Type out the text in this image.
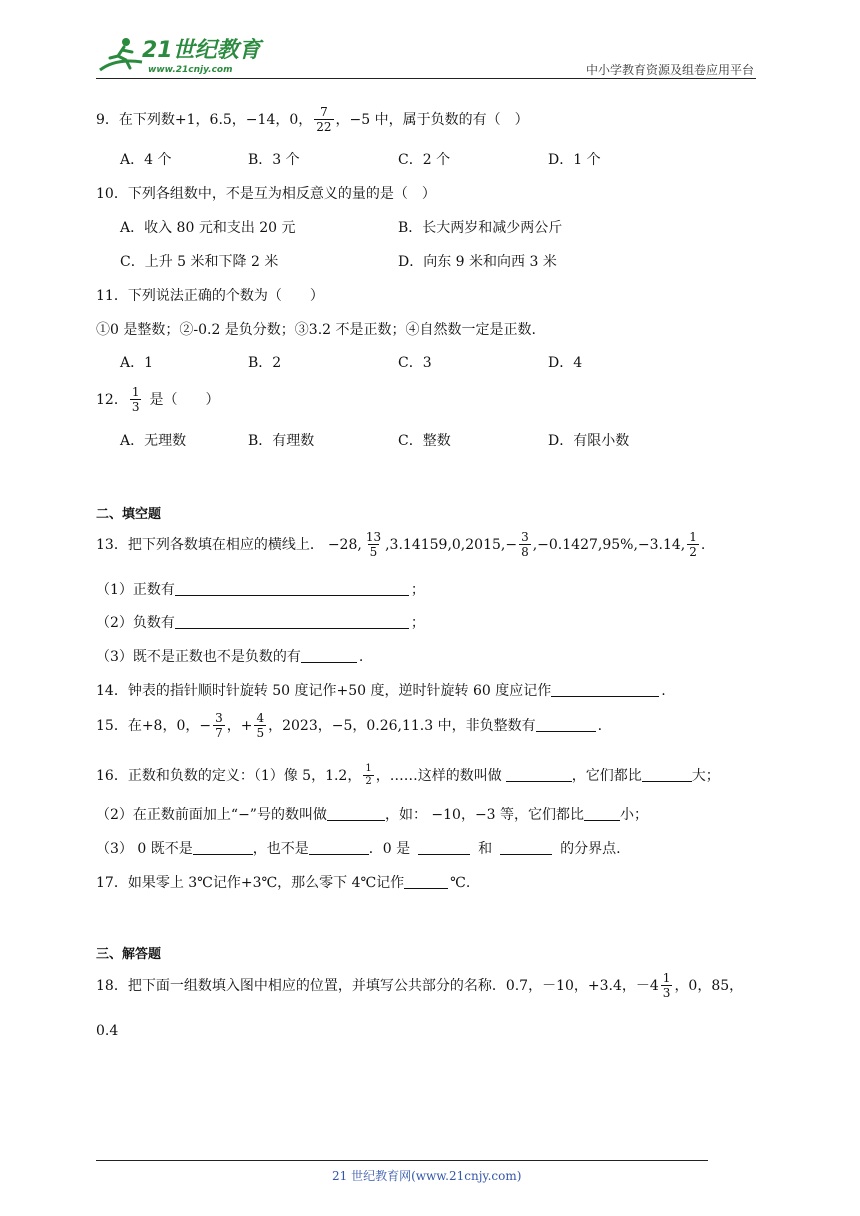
21世纪教育
www.21cnjy.com	中小学教育资源及组卷应用平台
9．在下列数+1，6.5，−14，0， $\frac{7}{22}$ ，−5 中，属于负数的有（　）
A．4 个	B．3 个	C．2 个	D．1 个
10．下列各组数中，不是互为相反意义的量的是（　）
A．收入 80 元和支出 20 元	B．长大两岁和减少两公斤
C．上升 5 米和下降 2 米	D．向东 9 米和向西 3 米
11．下列说法正确的个数为（　　）
①0 是整数；②-0.2 是负分数；③3.2 不是正数；④自然数一定是正数.
A．1	B．2	C．3	D．4
12． $\frac{1}{3}$ 是（　　）
A．无理数	B．有理数	C．整数	D．有限小数
二、填空题
13．把下列各数填在相应的横线上． −28, $\frac{13}{5} ,3.14159,0,2015,- \frac{3}{8} ,-0.1427,95\%,-3.14$, $\frac{1}{2}$ .
（1）正数有	；
（2）负数有	；
（3）既不是正数也不是负数的有	.
14．钟表的指针顺时针旋转 50 度记作+50 度，逆时针旋转 60 度应记作	.
15．在+8，0，− $\frac{3}{7}$ ，+ $\frac{4}{5}$ ，2023，−5，0.26,11.3 中，非负整数有	.
16．正数和负数的定义：（1）像 5，1.2， $\frac{1}{2}$ ，……这样的数叫做	，它们都比	大；
（2）在正数前面加上“−”号的数叫做	，如： −10，−3 等，它们都比	小；
（3） 0 既不是	，也不是	．0 是	和	的分界点.
17．如果零上 3℃记作+3℃，那么零下 4℃记作	℃.
三、解答题
18．把下面一组数填入图中相应的位置，并填写公共部分的名称．0.7，－10，+3.4，$-4 \frac{1}{3}$ ，0，85，
0.4
21 世纪教育网(www.21cnjy.com)
